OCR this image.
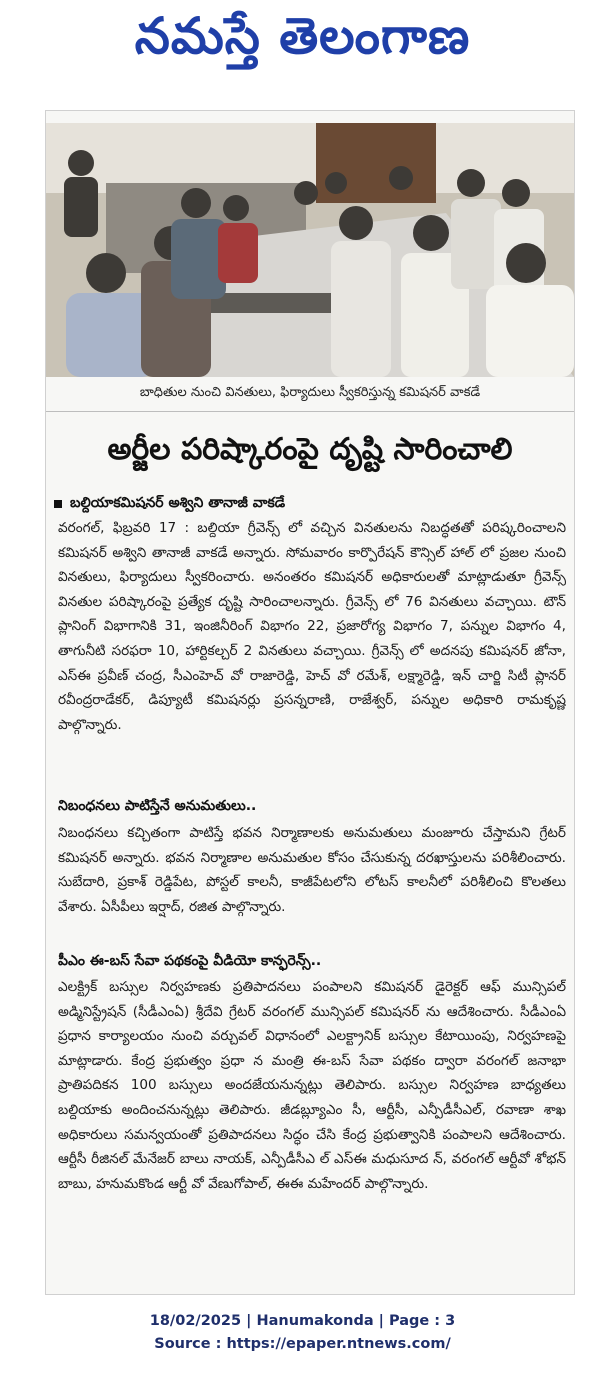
నమస్తే తెలంగాణ
బాధితుల నుంచి వినతులు, ఫిర్యాదులు స్వీకరిస్తున్న కమిషనర్ వాకడే
అర్జీల పరిష్కారంపై దృష్టి సారించాలి
బల్దియాకమిషనర్ అశ్విని తానాజీ వాకడే
వరంగల్, ఫిబ్రవరి 17 : బల్దియా గ్రీవెన్స్ లో వచ్చిన వినతులను నిబద్ధతతో పరిష్కరించాలని కమిషనర్ అశ్విని తానాజీ వాకడే అన్నారు. సోమవారం కార్పొరేషన్ కౌన్సిల్ హాల్ లో ప్రజల నుంచి వినతులు, ఫిర్యాదులు స్వీకరించారు. అనంతరం కమిషనర్ అధికారులతో మాట్లాడుతూ గ్రీవెన్స్ వినతుల పరిష్కారంపై ప్రత్యేక దృష్టి సారించాలన్నారు. గ్రీవెన్స్ లో 76 వినతులు వచ్చాయి. టౌన్ ప్లానింగ్ విభాగానికి 31, ఇంజినీరింగ్ విభాగం 22, ప్రజారోగ్య విభాగం 7, పన్నుల విభాగం 4, తాగునీటి సరఫరా 10, హార్టికల్చర్ 2 వినతులు వచ్చాయి. గ్రీవెన్స్ లో అదనపు కమిషనర్ జోనా, ఎస్ఈ ప్రవీణ్ చంద్ర, సీఎంహెచ్ వో రాజారెడ్డి, హెచ్ వో రమేశ్, లక్ష్మారెడ్డి, ఇన్ చార్జి సిటీ ప్లానర్ రవీంద్రరాడేకర్, డిప్యూటీ కమిషనర్లు ప్రసన్నరాణి, రాజేశ్వర్, పన్నుల అధికారి రామకృష్ణ పాల్గొన్నారు.
నిబంధనలు పాటిస్తేనే అనుమతులు..
నిబంధనలు కచ్చితంగా పాటిస్తే భవన నిర్మాణాలకు అనుమతులు మంజూరు చేస్తామని గ్రేటర్ కమిషనర్ అన్నారు. భవన నిర్మాణాల అనుమతుల కోసం చేసుకున్న దరఖాస్తులను పరిశీలించారు. సుబేదారి, ప్రకాశ్ రెడ్డిపేట, పోస్టల్ కాలనీ, కాజీపేటలోని లోటస్ కాలనీలో పరిశీలించి కొలతలు వేశారు. ఏసీపీలు ఇర్షాద్, రజిత పాల్గొన్నారు.
పీఎం ఈ-బస్ సేవా పథకంపై వీడియో కాన్ఫరెన్స్..
ఎలక్ట్రిక్ బస్సుల నిర్వహణకు ప్రతిపాదనలు పంపాలని కమిషనర్ డైరెక్టర్ ఆఫ్ మున్సిపల్ అడ్మినిస్ట్రేషన్ (సీడీఎంఏ) శ్రీదేవి గ్రేటర్ వరంగల్ మున్సిపల్ కమిషనర్ ను ఆదేశించారు. సీడీఎంఏ ప్రధాన కార్యాలయం నుంచి వర్చువల్ విధానంలో ఎలక్ట్రానిక్ బస్సుల కేటాయింపు, నిర్వహణపై మాట్లాడారు. కేంద్ర ప్రభుత్వం ప్రధా న మంత్రి ఈ-బస్ సేవా పథకం ద్వారా వరంగల్ జనాభా ప్రాతిపదికన 100 బస్సులు అందజేయనున్నట్లు తెలిపారు. బస్సుల నిర్వహణ బాధ్యతలు బల్దియాకు అందించనున్నట్లు తెలిపారు. జీడబ్ల్యూఎం సీ, ఆర్టీసీ, ఎన్పీడీసీఎల్, రవాణా శాఖ అధికారులు సమన్వయంతో ప్రతిపాదనలు సిద్ధం చేసి కేంద్ర ప్రభుత్వానికి పంపాలని ఆదేశించారు. ఆర్టీసీ రీజినల్ మేనేజర్ బాలు నాయక్, ఎన్పీడీసీఎ ల్ ఎస్ఈ మధుసూద న్, వరంగల్ ఆర్టీవో శోభన్ బాబు, హనుమకొండ ఆర్టీ వో వేణుగోపాల్, ఈఈ మహేందర్ పాల్గొన్నారు.
18/02/2025 | Hanumakonda | Page : 3
Source : https://epaper.ntnews.com/
